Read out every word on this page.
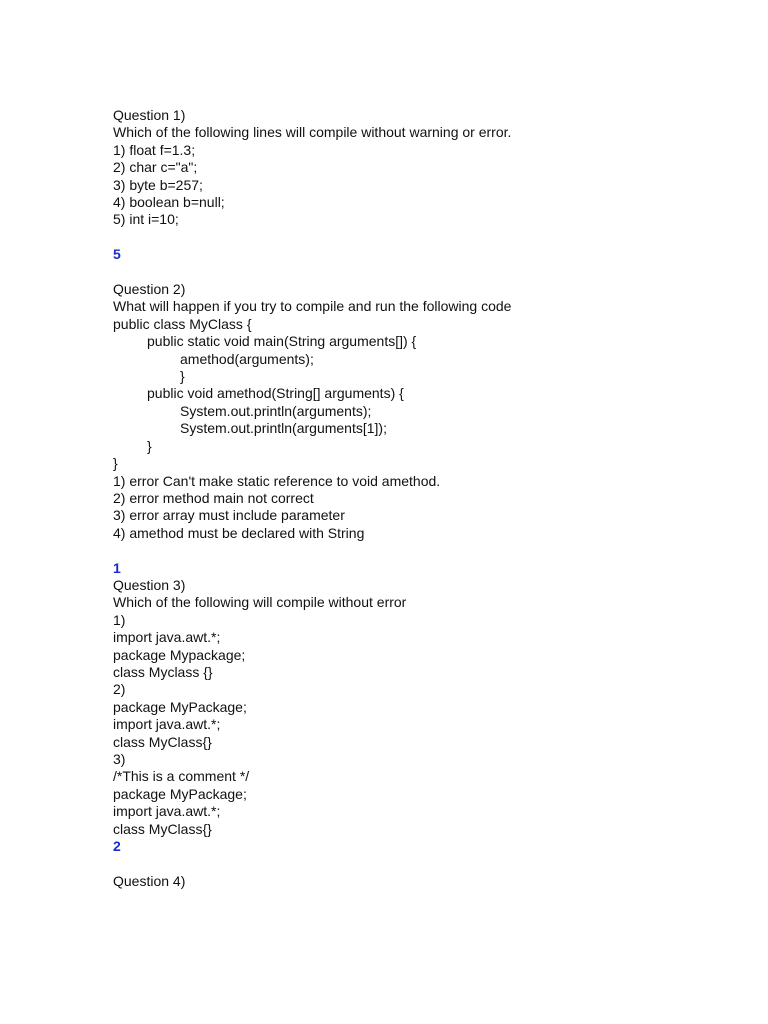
Question 1)
Which of the following lines will compile without warning or error.
1) float f=1.3;
2) char c="a";
3) byte b=257;
4) boolean b=null;
5) int i=10;
5
Question 2)
What will happen if you try to compile and run the following code
public class MyClass {
public static void main(String arguments[]) {
amethod(arguments);
}
public void amethod(String[] arguments) {
System.out.println(arguments);
System.out.println(arguments[1]);
}
}
1) error Can't make static reference to void amethod.
2) error method main not correct
3) error array must include parameter
4) amethod must be declared with String
1
Question 3)
Which of the following will compile without error
1)
import java.awt.*;
package Mypackage;
class Myclass {}
2)
package MyPackage;
import java.awt.*;
class MyClass{}
3)
/*This is a comment */
package MyPackage;
import java.awt.*;
class MyClass{}
2
Question 4)
